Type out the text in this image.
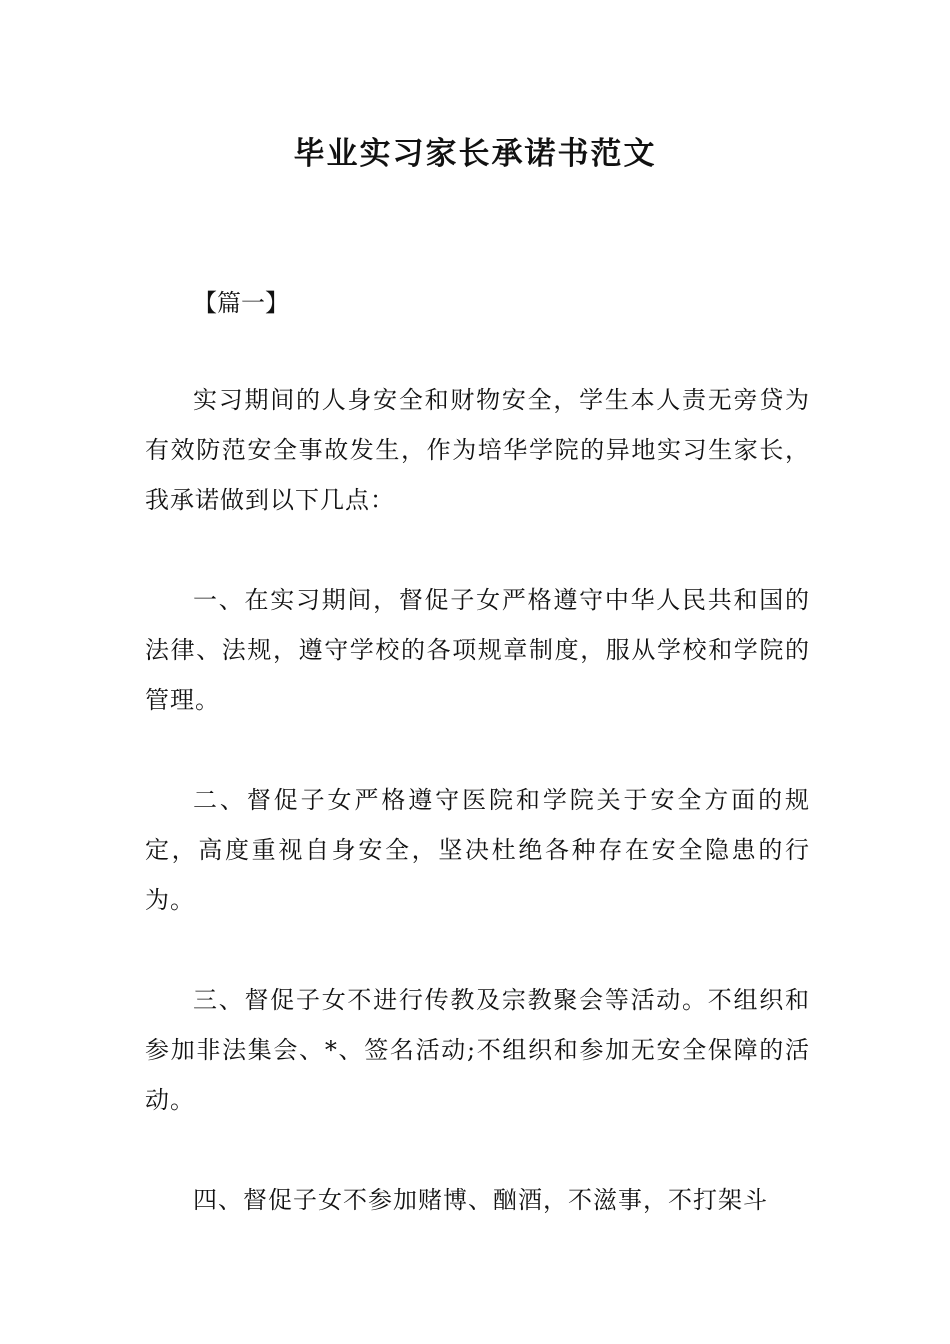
毕业实习家长承诺书范文
【篇一】

实习期间的人身安全和财物安全，学生本人责无旁贷为有效防范安全事故发生，作为培华学院的异地实习生家长，我承诺做到以下几点：

一、在实习期间，督促子女严格遵守中华人民共和国的法律、法规，遵守学校的各项规章制度，服从学校和学院的管理。

二、督促子女严格遵守医院和学院关于安全方面的规定，高度重视自身安全，坚决杜绝各种存在安全隐患的行为。

三、督促子女不进行传教及宗教聚会等活动。不组织和参加非法集会、*、签名活动;不组织和参加无安全保障的活动。

四、督促子女不参加赌博、酗酒，不滋事，不打架斗
